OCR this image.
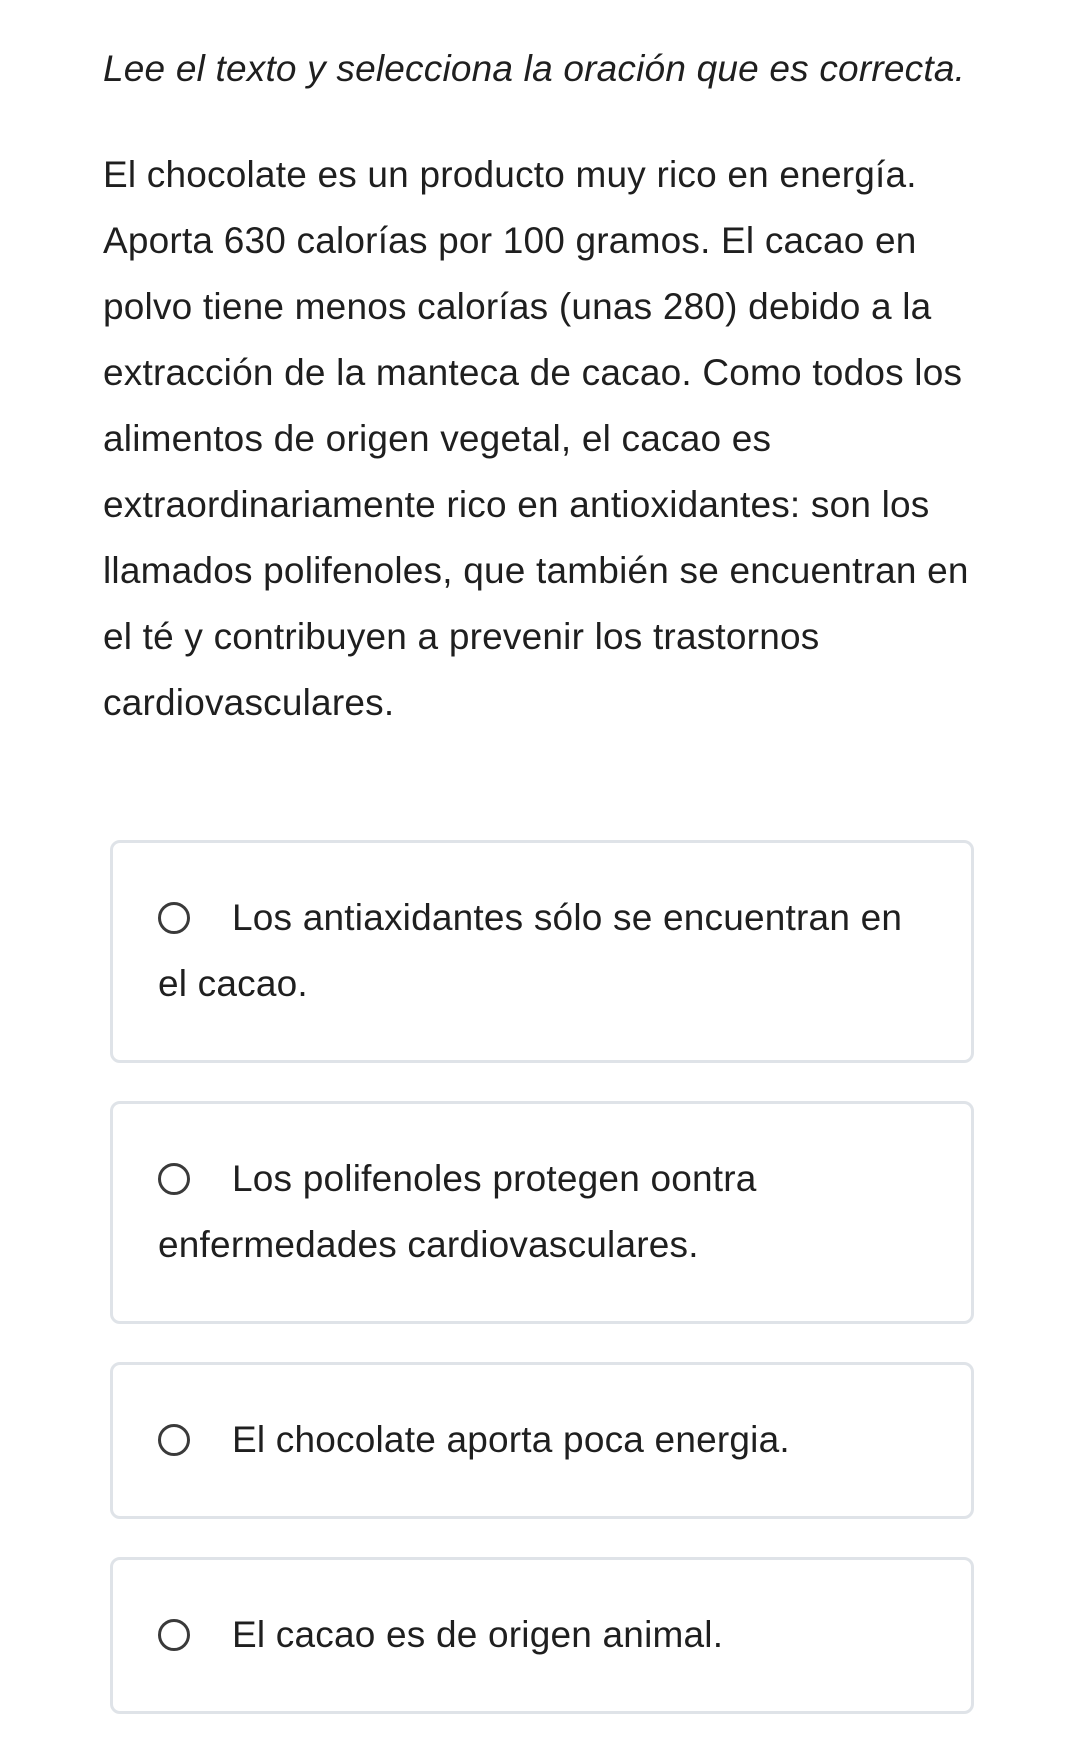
Lee el texto y selecciona la oración que es correcta.

El chocolate es un producto muy rico en energía. Aporta 630 calorías por 100 gramos. El cacao en polvo tiene menos calorías (unas 280) debido a la extracción de la manteca de cacao. Como todos los alimentos de origen vegetal, el cacao es extraordinariamente rico en antioxidantes: son los llamados polifenoles, que también se encuentran en el té y contribuyen a prevenir los trastornos cardiovasculares.

Los antiaxidantes sólo se encuentran en el cacao.
Los polifenoles protegen oontra enfermedades cardiovasculares.
El chocolate aporta poca energia.
El cacao es de origen animal.
